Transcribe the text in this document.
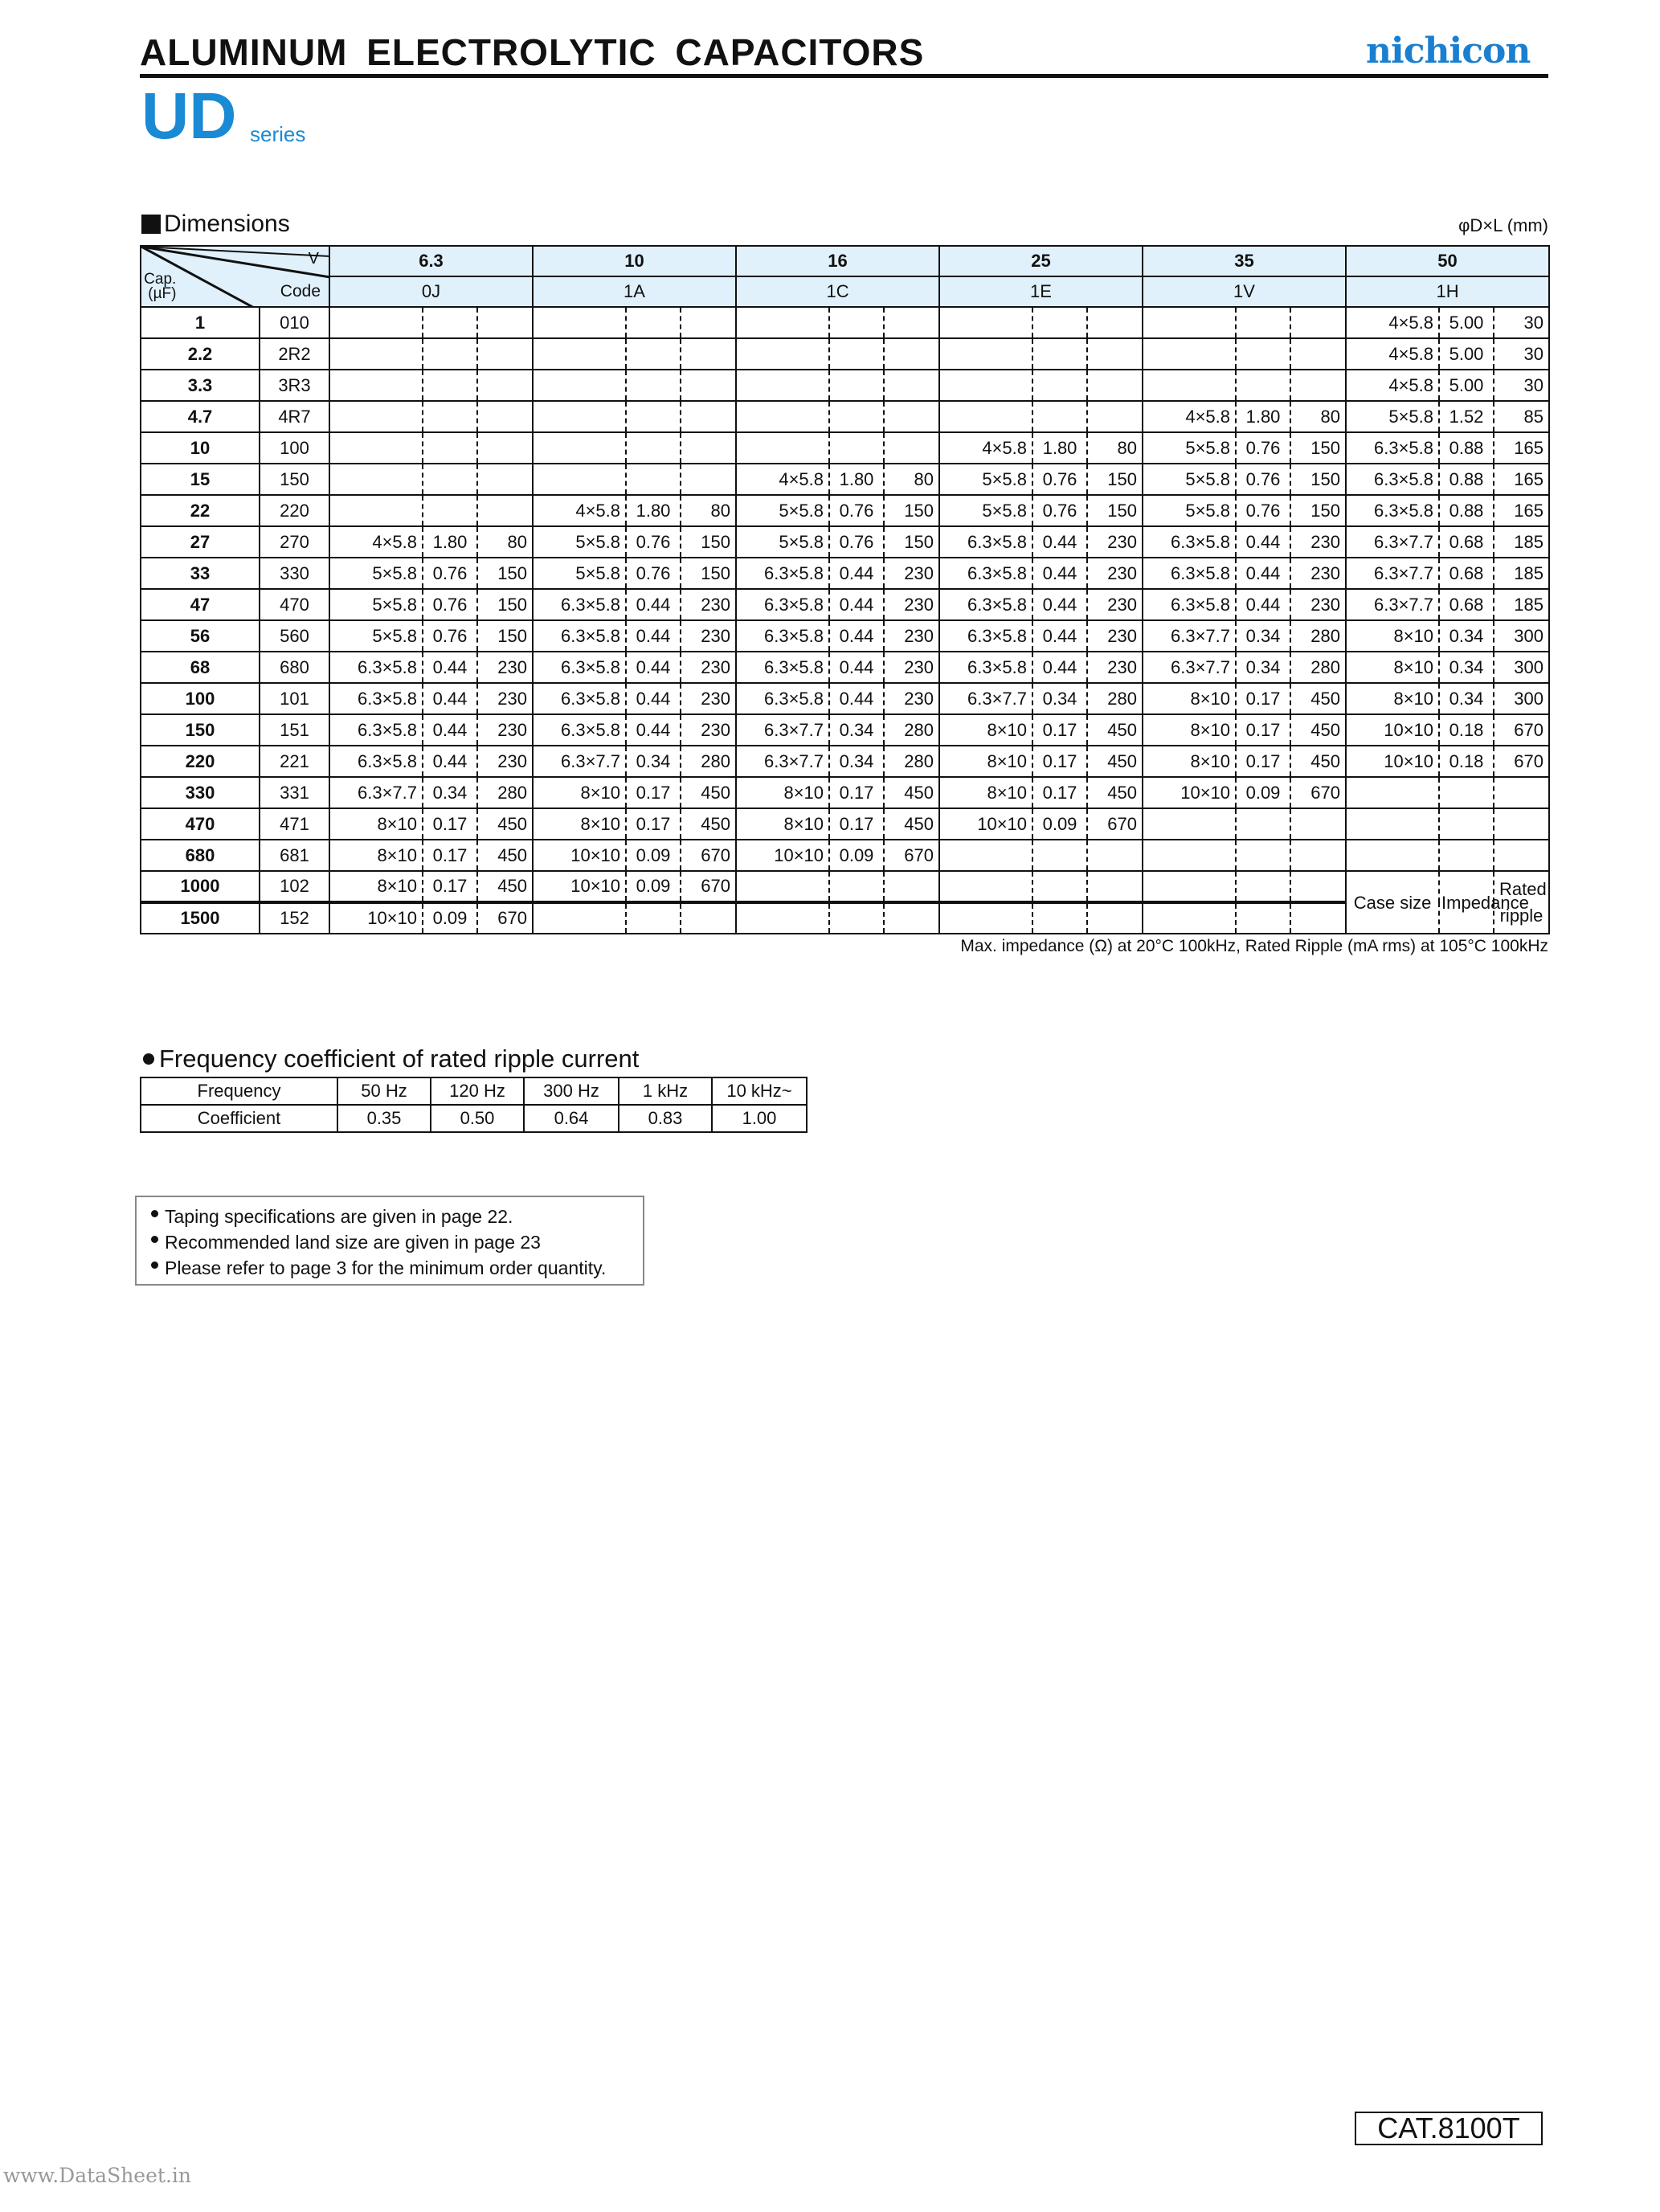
ALUMINUM ELECTROLYTIC CAPACITORS	nichicon
UD series
Dimensions	φD×L (mm)
V
Cap.
(µF) Code		6.3			10			16			25			35			50		
		0J			1A			1C			1E			1V			1H		
1	010																4×5.8	5.00	30
2.2	2R2																4×5.8	5.00	30
3.3	3R3																4×5.8	5.00	30
4.7	4R7													4×5.8	1.80	80	5×5.8	1.52	85
10	100										4×5.8	1.80	80	5×5.8	0.76	150	6.3×5.8	0.88	165
15	150							4×5.8	1.80	80	5×5.8	0.76	150	5×5.8	0.76	150	6.3×5.8	0.88	165
22	220				4×5.8	1.80	80	5×5.8	0.76	150	5×5.8	0.76	150	5×5.8	0.76	150	6.3×5.8	0.88	165
27	270	4×5.8	1.80	80	5×5.8	0.76	150	5×5.8	0.76	150	6.3×5.8	0.44	230	6.3×5.8	0.44	230	6.3×7.7	0.68	185
33	330	5×5.8	0.76	150	5×5.8	0.76	150	6.3×5.8	0.44	230	6.3×5.8	0.44	230	6.3×5.8	0.44	230	6.3×7.7	0.68	185
47	470	5×5.8	0.76	150	6.3×5.8	0.44	230	6.3×5.8	0.44	230	6.3×5.8	0.44	230	6.3×5.8	0.44	230	6.3×7.7	0.68	185
56	560	5×5.8	0.76	150	6.3×5.8	0.44	230	6.3×5.8	0.44	230	6.3×5.8	0.44	230	6.3×7.7	0.34	280	8×10	0.34	300
68	680	6.3×5.8	0.44	230	6.3×5.8	0.44	230	6.3×5.8	0.44	230	6.3×5.8	0.44	230	6.3×7.7	0.34	280	8×10	0.34	300
100	101	6.3×5.8	0.44	230	6.3×5.8	0.44	230	6.3×5.8	0.44	230	6.3×7.7	0.34	280	8×10	0.17	450	8×10	0.34	300
150	151	6.3×5.8	0.44	230	6.3×5.8	0.44	230	6.3×7.7	0.34	280	8×10	0.17	450	8×10	0.17	450	10×10	0.18	670
220	221	6.3×5.8	0.44	230	6.3×7.7	0.34	280	6.3×7.7	0.34	280	8×10	0.17	450	8×10	0.17	450	10×10	0.18	670
330	331	6.3×7.7	0.34	280	8×10	0.17	450	8×10	0.17	450	8×10	0.17	450	10×10	0.09	670			
470	471	8×10	0.17	450	8×10	0.17	450	8×10	0.17	450	10×10	0.09	670						
680	681	8×10	0.17	450	10×10	0.09	670	10×10	0.09	670									
1000	102	8×10	0.17	450	10×10	0.09	670										Case size	Impedance	Rated
ripple
1500	152	10×10	0.09	670															
Max. impedance (Ω) at 20°C 100kHz, Rated Ripple (mA rms) at 105°C 100kHz
Frequency coefficient of rated ripple current
Frequency	50 Hz	120 Hz	300 Hz	1 kHz	10 kHz~
Coefficient	0.35	0.50	0.64	0.83	1.00
Taping specifications are given in page 22.
Recommended land size are given in page 23
Please refer to page 3 for the minimum order quantity.
CAT.8100T
www.DataSheet.in
